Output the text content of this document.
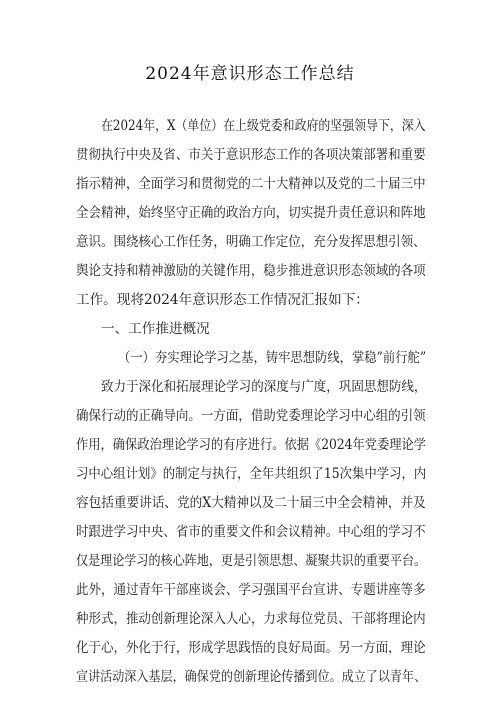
2024年意识形态工作总结
在2024年，X（单位）在上级党委和政府的坚强领导下，深入
贯彻执行中央及省、市关于意识形态工作的各项决策部署和重要
指示精神，全面学习和贯彻党的二十大精神以及党的二十届三中
全会精神，始终坚守正确的政治方向，切实提升责任意识和阵地
意识。围绕核心工作任务，明确工作定位，充分发挥思想引领、
舆论支持和精神激励的关键作用，稳步推进意识形态领域的各项
工作。现将2024年意识形态工作情况汇报如下：
一、工作推进概况
（一）夯实理论学习之基，铸牢思想防线，掌稳”前行舵”
致力于深化和拓展理论学习的深度与广度，巩固思想防线，
确保行动的正确导向。一方面，借助党委理论学习中心组的引领
作用，确保政治理论学习的有序进行。依据《2024年党委理论学
习中心组计划》的制定与执行，全年共组织了15次集中学习，内
容包括重要讲话、党的X大精神以及二十届三中全会精神，并及
时跟进学习中央、省市的重要文件和会议精神。中心组的学习不
仅是理论学习的核心阵地，更是引领思想、凝聚共识的重要平台。
此外，通过青年干部座谈会、学习强国平台宣讲、专题讲座等多
种形式，推动创新理论深入人心，力求每位党员、干部将理论内
化于心，外化于行，形成学思践悟的良好局面。另一方面，理论
宣讲活动深入基层，确保党的创新理论传播到位。成立了以青年、
